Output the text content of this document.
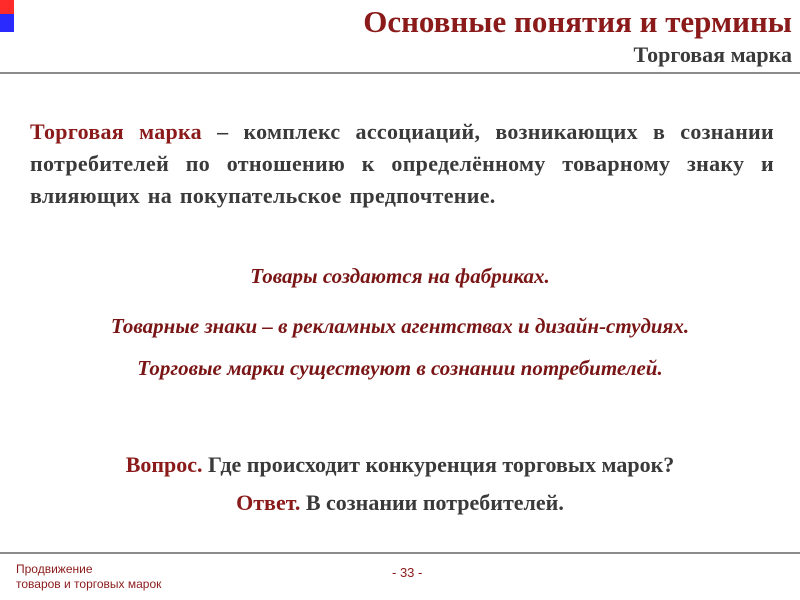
Основные понятия и термины
Торговая марка
Торговая марка – комплекс ассоциаций, возникающих в сознании потребителей по отношению к определённому товарному знаку и влияющих на покупательское предпочтение.
Товары создаются на фабриках.
Товарные знаки – в рекламных агентствах и дизайн-студиях.
Торговые марки существуют в сознании потребителей.
Вопрос. Где происходит конкуренция торговых марок?
Ответ. В сознании потребителей.
Продвижение
товаров и торговых марок
- 33 -
